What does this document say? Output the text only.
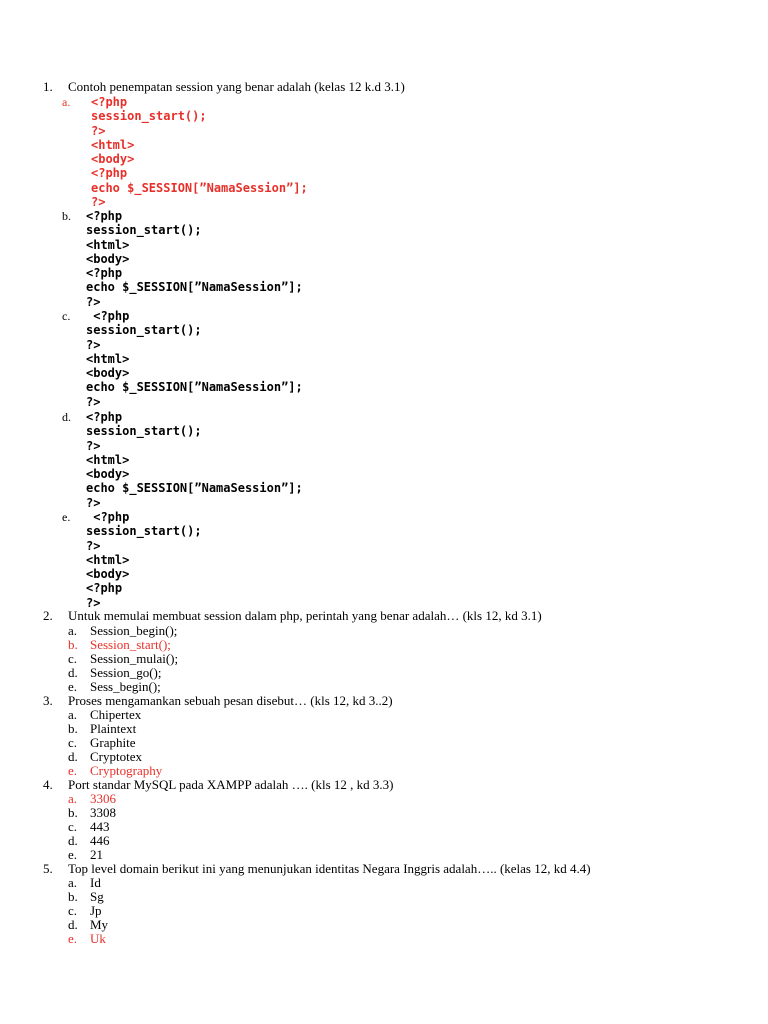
1. Contoh penempatan session yang benar adalah (kelas 12 k.d 3.1)
a. <?php
session_start();
?>
<html>
<body>
<?php
echo $_SESSION[”NamaSession”];
?>
b. <?php
session_start();
<html>
<body>
<?php
echo $_SESSION[”NamaSession”];
?>
c.	<?php
session_start();
?>
<html>
<body>
echo $_SESSION[”NamaSession”];
?>
d. <?php
session_start();
?>
<html>
<body>
echo $_SESSION[”NamaSession”];
?>
e.	<?php
session_start();
?>
<html>
<body>
<?php
?>
2. Untuk memulai membuat session dalam php, perintah yang benar adalah… (kls 12, kd 3.1)
a. Session_begin();
b. Session_start();
c. Session_mulai();
d. Session_go();
e. Sess_begin();
3. Proses mengamankan sebuah pesan disebut… (kls 12, kd 3..2)
a. Chipertex
b. Plaintext
c. Graphite
d. Cryptotex
e. Cryptography
4. Port standar MySQL pada XAMPP adalah …. (kls 12 , kd 3.3)
a. 3306
b. 3308
c. 443
d. 446
e. 21
5. Top level domain berikut ini yang menunjukan identitas Negara Inggris adalah….. (kelas 12, kd 4.4)
a. Id
b. Sg
c. Jp
d. My
e. Uk
